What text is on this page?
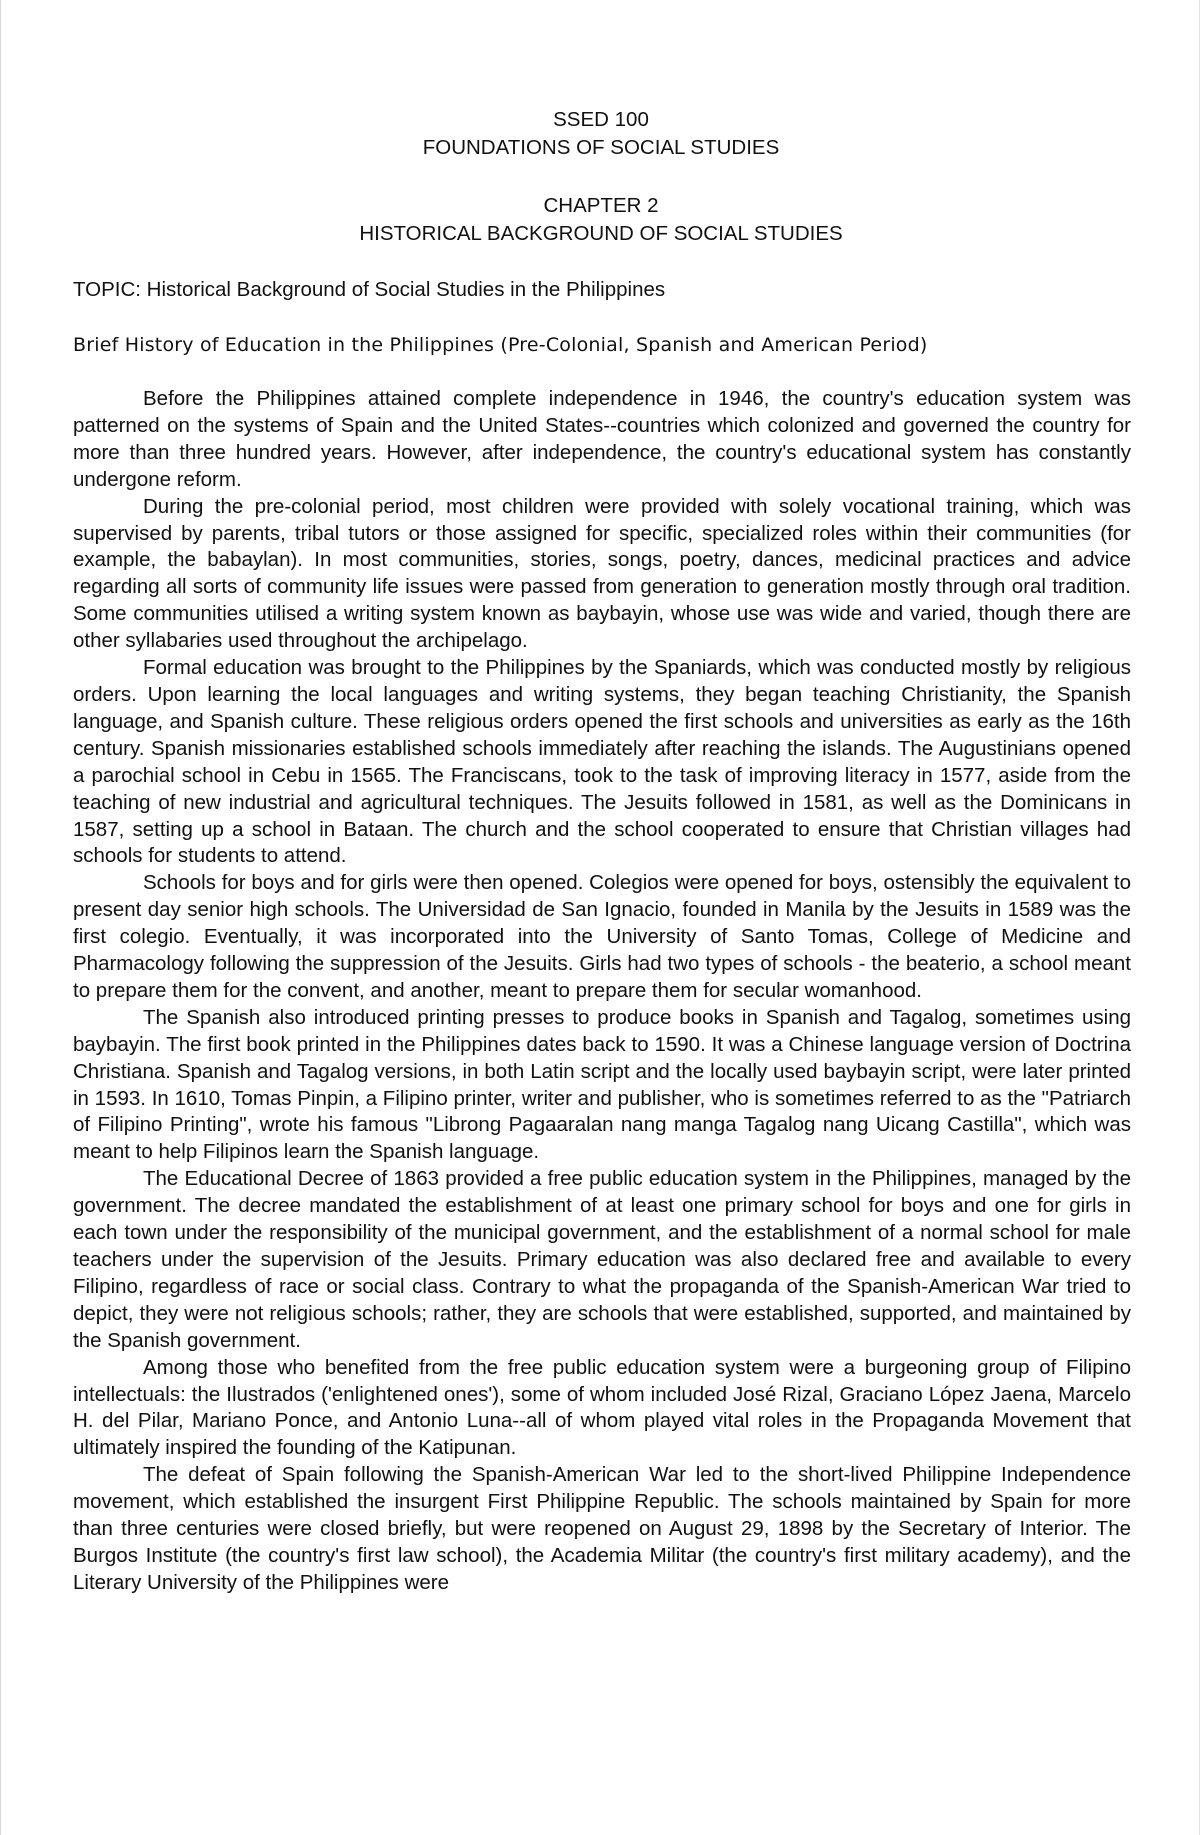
SSED 100
FOUNDATIONS OF SOCIAL STUDIES
CHAPTER 2
HISTORICAL BACKGROUND OF SOCIAL STUDIES
TOPIC: Historical Background of Social Studies in the Philippines
Brief History of Education in the Philippines (Pre-Colonial, Spanish and American Period)

Before the Philippines attained complete independence in 1946, the country's education system was patterned on the systems of Spain and the United States--countries which colonized and governed the country for more than three hundred years. However, after independence, the country's educational system has constantly undergone reform.

During the pre-colonial period, most children were provided with solely vocational training, which was supervised by parents, tribal tutors or those assigned for specific, specialized roles within their communities (for example, the babaylan). In most communities, stories, songs, poetry, dances, medicinal practices and advice regarding all sorts of community life issues were passed from generation to generation mostly through oral tradition. Some communities utilised a writing system known as baybayin, whose use was wide and varied, though there are other syllabaries used throughout the archipelago.

Formal education was brought to the Philippines by the Spaniards, which was conducted mostly by religious orders. Upon learning the local languages and writing systems, they began teaching Christianity, the Spanish language, and Spanish culture. These religious orders opened the first schools and universities as early as the 16th century. Spanish missionaries established schools immediately after reaching the islands. The Augustinians opened a parochial school in Cebu in 1565. The Franciscans, took to the task of improving literacy in 1577, aside from the teaching of new industrial and agricultural techniques. The Jesuits followed in 1581, as well as the Dominicans in 1587, setting up a school in Bataan. The church and the school cooperated to ensure that Christian villages had schools for students to attend.

Schools for boys and for girls were then opened. Colegios were opened for boys, ostensibly the equivalent to present day senior high schools. The Universidad de San Ignacio, founded in Manila by the Jesuits in 1589 was the first colegio. Eventually, it was incorporated into the University of Santo Tomas, College of Medicine and Pharmacology following the suppression of the Jesuits. Girls had two types of schools - the beaterio, a school meant to prepare them for the convent, and another, meant to prepare them for secular womanhood.

The Spanish also introduced printing presses to produce books in Spanish and Tagalog, sometimes using baybayin. The first book printed in the Philippines dates back to 1590. It was a Chinese language version of Doctrina Christiana. Spanish and Tagalog versions, in both Latin script and the locally used baybayin script, were later printed in 1593. In 1610, Tomas Pinpin, a Filipino printer, writer and publisher, who is sometimes referred to as the "Patriarch of Filipino Printing", wrote his famous "Librong Pagaaralan nang manga Tagalog nang Uicang Castilla", which was meant to help Filipinos learn the Spanish language.

The Educational Decree of 1863 provided a free public education system in the Philippines, managed by the government. The decree mandated the establishment of at least one primary school for boys and one for girls in each town under the responsibility of the municipal government, and the establishment of a normal school for male teachers under the supervision of the Jesuits. Primary education was also declared free and available to every Filipino, regardless of race or social class. Contrary to what the propaganda of the Spanish-American War tried to depict, they were not religious schools; rather, they are schools that were established, supported, and maintained by the Spanish government.

Among those who benefited from the free public education system were a burgeoning group of Filipino intellectuals: the Ilustrados ('enlightened ones'), some of whom included José Rizal, Graciano López Jaena, Marcelo H. del Pilar, Mariano Ponce, and Antonio Luna--all of whom played vital roles in the Propaganda Movement that ultimately inspired the founding of the Katipunan.

The defeat of Spain following the Spanish-American War led to the short-lived Philippine Independence movement, which established the insurgent First Philippine Republic. The schools maintained by Spain for more than three centuries were closed briefly, but were reopened on August 29, 1898 by the Secretary of Interior. The Burgos Institute (the country's first law school), the Academia Militar (the country's first military academy), and the Literary University of the Philippines were
